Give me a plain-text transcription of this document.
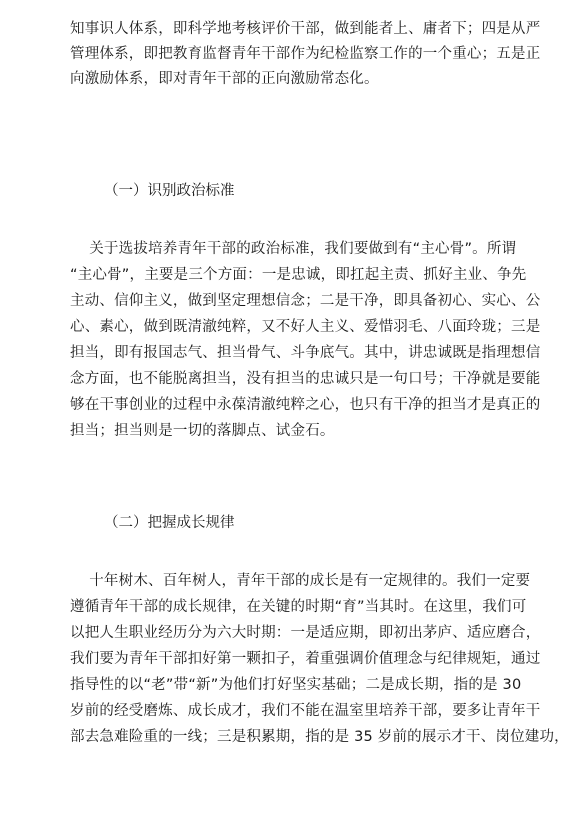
知事识人体系，即科学地考核评价干部，做到能者上、庸者下；四是从严
管理体系，即把教育监督青年干部作为纪检监察工作的一个重心；五是正
向激励体系，即对青年干部的正向激励常态化。
（一）识别政治标准
关于选拔培养青年干部的政治标准，我们要做到有“主心骨”。所谓
“主心骨”，主要是三个方面：一是忠诚，即扛起主责、抓好主业、争先
主动、信仰主义，做到坚定理想信念；二是干净，即具备初心、实心、公
心、素心，做到既清澈纯粹，又不好人主义、爱惜羽毛、八面玲珑；三是
担当，即有报国志气、担当骨气、斗争底气。其中，讲忠诚既是指理想信
念方面，也不能脱离担当，没有担当的忠诚只是一句口号；干净就是要能
够在干事创业的过程中永葆清澈纯粹之心，也只有干净的担当才是真正的
担当；担当则是一切的落脚点、试金石。
（二）把握成长规律
十年树木、百年树人，青年干部的成长是有一定规律的。我们一定要
遵循青年干部的成长规律，在关键的时期“育”当其时。在这里，我们可
以把人生职业经历分为六大时期：一是适应期，即初出茅庐、适应磨合，
我们要为青年干部扣好第一颗扣子，着重强调价值理念与纪律规矩，通过
指导性的以“老”带“新”为他们打好坚实基础；二是成长期，指的是 30
岁前的经受磨炼、成长成才，我们不能在温室里培养干部，要多让青年干
部去急难险重的一线；三是积累期，指的是 35 岁前的展示才干、岗位建功，
